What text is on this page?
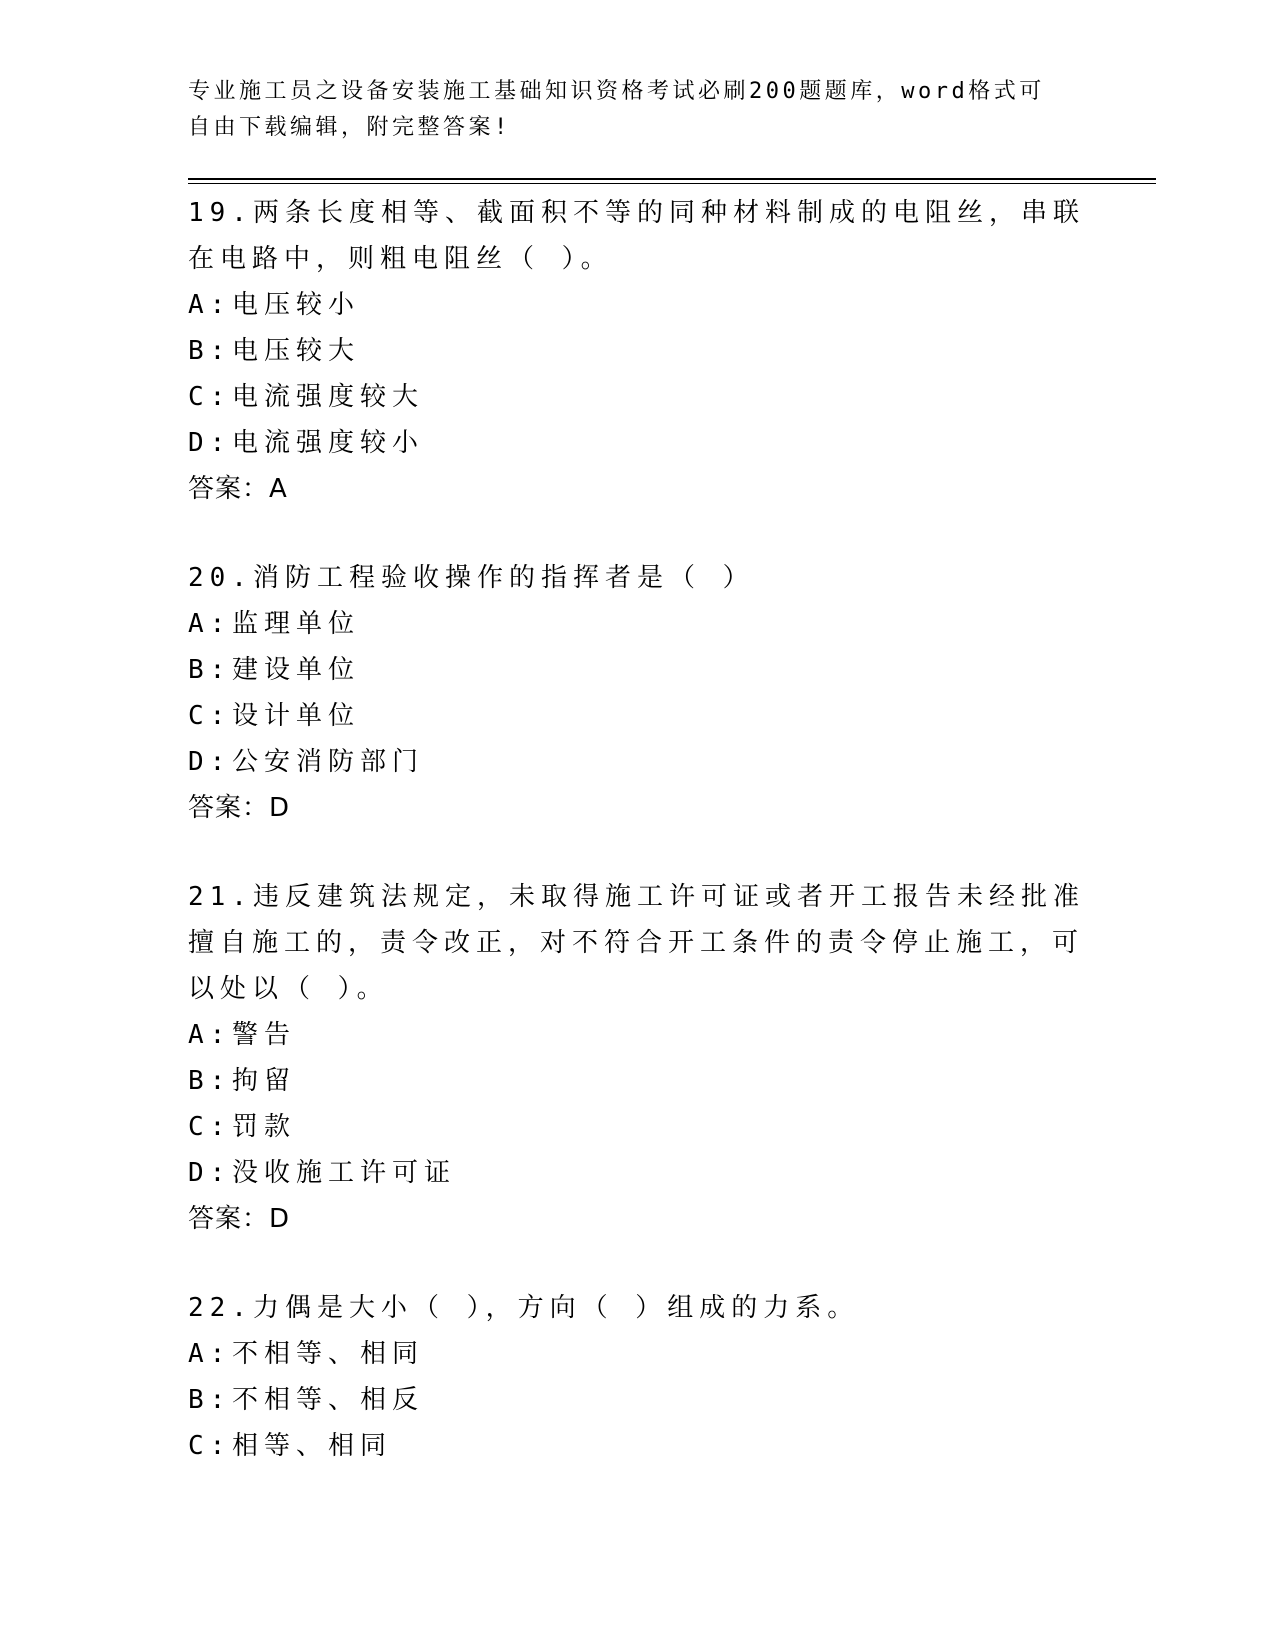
专业施工员之设备安装施工基础知识资格考试必刷200题题库，word格式可自由下载编辑，附完整答案!
19.两条长度相等、截面积不等的同种材料制成的电阻丝，串联在电路中，则粗电阻丝（ ）。
A:电压较小
B:电压较大
C:电流强度较大
D:电流强度较小
答案：A
20.消防工程验收操作的指挥者是（ ）
A:监理单位
B:建设单位
C:设计单位
D:公安消防部门
答案：D
21.违反建筑法规定，未取得施工许可证或者开工报告未经批准擅自施工的，责令改正，对不符合开工条件的责令停止施工，可以处以（ ）。
A:警告
B:拘留
C:罚款
D:没收施工许可证
答案：D
22.力偶是大小（ ），方向（ ）组成的力系。
A:不相等、相同
B:不相等、相反
C:相等、相同
